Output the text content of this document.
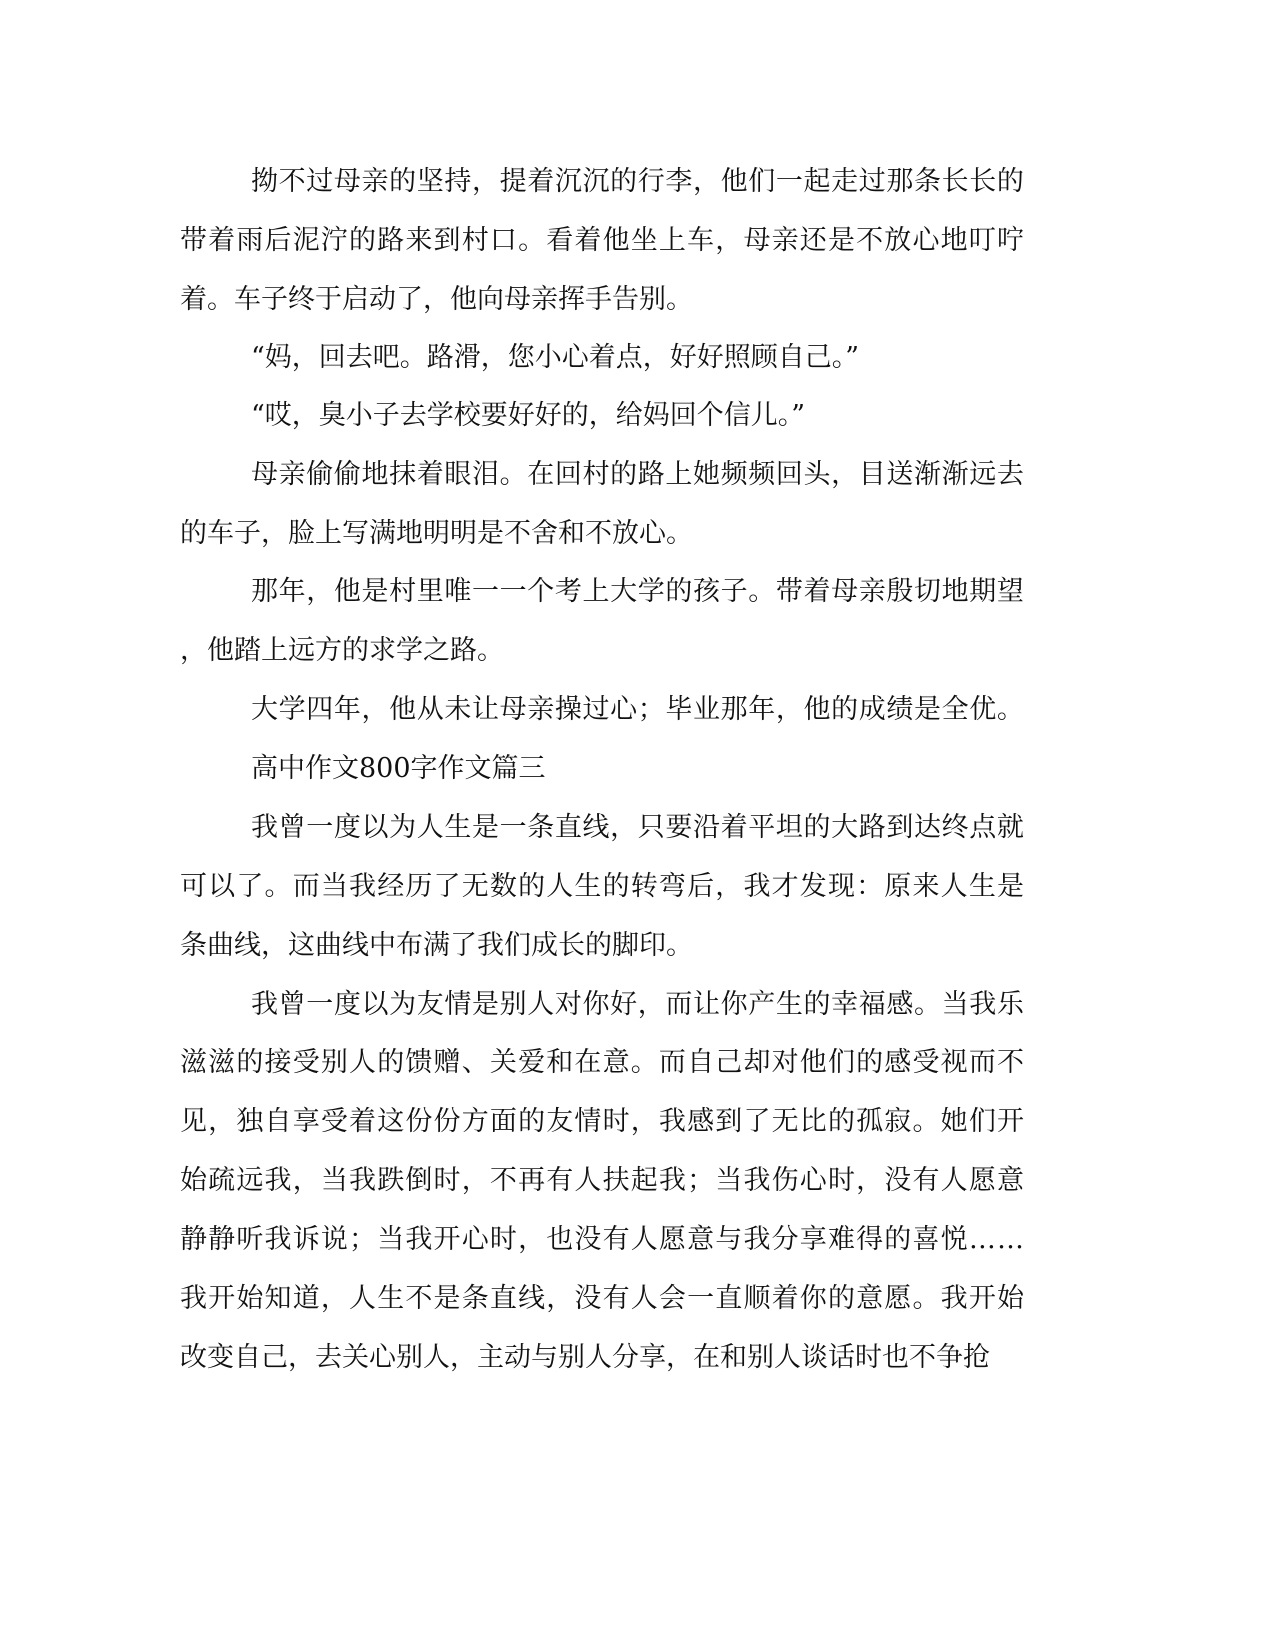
拗 不 过 母 亲 的 坚 持 ， 提 着 沉 沉 的 行 李 ， 他 们 一 起 走 过 那 条 长 长 的
带 着 雨 后 泥 泞 的 路 来 到 村 口 。 看 着 他 坐 上 车 ， 母 亲 还 是 不 放 心 地 叮 咛
着。车子终于启动了，他向母亲挥手告别。
“妈，回去吧。路滑，您小心着点，好好照顾自己。”
“哎，臭小子去学校要好好的，给妈回个信儿。”
母 亲 偷 偷 地 抹 着 眼 泪 。 在 回 村 的 路 上 她 频 频 回 头 ， 目 送 渐 渐 远 去
的车子，脸上写满地明明是不舍和不放心。
那 年 ， 他 是 村 里 唯 一 一 个 考 上 大 学 的 孩 子 。 带 着 母 亲 殷 切 地 期 望
，他踏上远方的求学之路。
大 学 四 年 ， 他 从 未 让 母 亲 操 过 心 ； 毕 业 那 年 ， 他 的 成 绩 是 全 优 。
高中作文800字作文篇三
我 曾 一 度 以 为 人 生 是 一 条 直 线 ， 只 要 沿 着 平 坦 的 大 路 到 达 终 点 就
可 以 了 。 而 当 我 经 历 了 无 数 的 人 生 的 转 弯 后 ， 我 才 发 现 ： 原 来 人 生 是
条曲线，这曲线中布满了我们成长的脚印。
我 曾 一 度 以 为 友 情 是 别 人 对 你 好 ， 而 让 你 产 生 的 幸 福 感 。 当 我 乐
滋 滋 的 接 受 别 人 的 馈 赠 、 关 爱 和 在 意 。 而 自 己 却 对 他 们 的 感 受 视 而 不
见 ， 独 自 享 受 着 这 份 份 方 面 的 友 情 时 ， 我 感 到 了 无 比 的 孤 寂 。 她 们 开
始 疏 远 我 ， 当 我 跌 倒 时 ， 不 再 有 人 扶 起 我 ； 当 我 伤 心 时 ， 没 有 人 愿 意
静 静 听 我 诉 说 ； 当 我 开 心 时 ， 也 没 有 人 愿 意 与 我 分 享 难 得 的 喜 悦 … …
我 开 始 知 道 ， 人 生 不 是 条 直 线 ， 没 有 人 会 一 直 顺 着 你 的 意 愿 。 我 开 始
改变自己，去关心别人，主动与别人分享，在和别人谈话时也不争抢
